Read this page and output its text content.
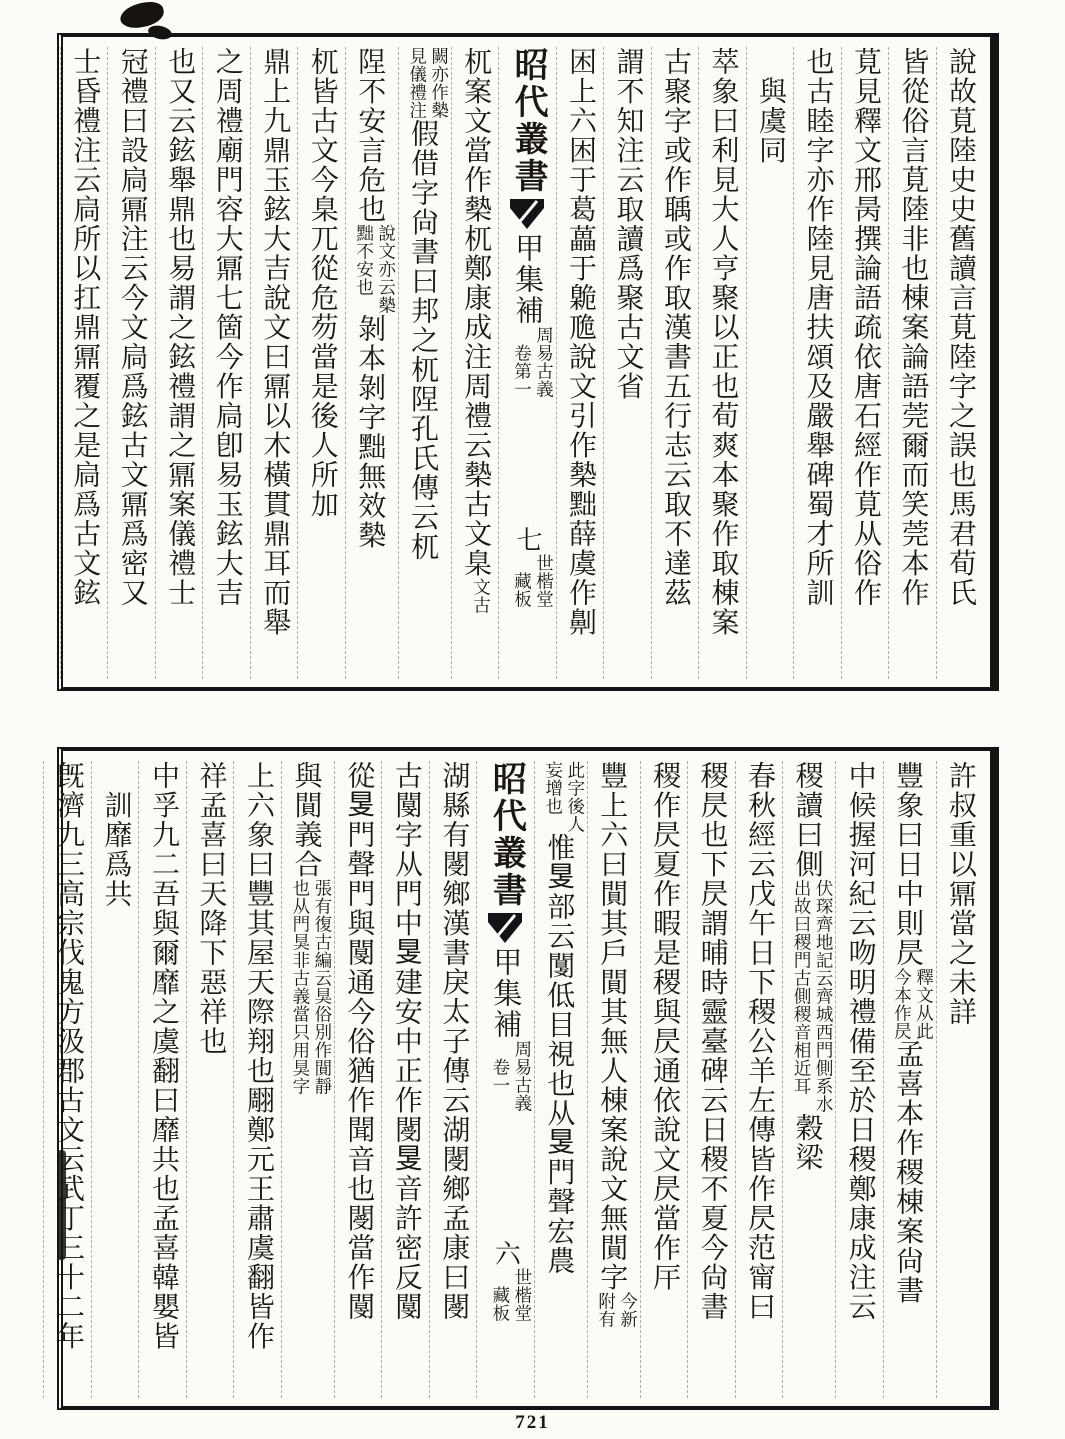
說故莧陸史史舊讀言莧陸字之誤也馬君荀氏
皆從俗言莧陸非也棟案論語莞爾而笑莞本作
莧見釋文邢昺撰論語疏依唐石經作莧从俗作
也古睦字亦作陸見唐扶頌及嚴舉碑蜀才所訓
　與虞同
萃象曰利見大人亨聚以正也荀爽本聚作取棟案
古聚字或作聥或作取漢書五行志云取不達茲
謂不知注云取讀爲聚古文省
困上六困于葛藟于臲卼說文引作槷黜薛虞作劓
昭代叢書甲集補
周易古義
　卷第一
七
世楷堂
　藏板
杌案文當作槷杌鄭康成注周禮云槷古文臬
文古
闕亦作槷
見儀禮注
假借字尙書曰邦之杌陧孔氏傳云杌
陧不安言危也
說文亦云槷
黜不安也
剝本剝字黜無效槷
杌皆古文今臬兀從危芴當是後人所加
鼎上九鼎玉鉉大吉說文曰鼏以木橫貫鼎耳而舉
之周禮廟門容大鼏七箇今作扃卽易玉鉉大吉
也又云鉉舉鼎也易謂之鉉禮謂之鼏案儀禮士
冠禮曰設扃鼏注云今文扃爲鉉古文鼏爲密又
士昏禮注云扃所以扛鼎鼏覆之是扃爲古文鉉
許叔重以鼏當之未詳
豐象曰日中則昃
釋文从此
今本作昃
孟喜本作稷棟案尙書
中候握河紀云吻明禮備至於日稷鄭康成注云
稷讀曰側
伏琛齊地記云齊城西門側系水
出故曰稷門古側稷音相近耳
穀梁
春秋經云戊午日下稷公羊左傳皆作昃范甯曰
稷昃也下昃謂晡時靈臺碑云日稷不夏今尙書
稷作昃夏作暇是稷與昃通依說文昃當作厈
豐上六曰閴其戶閴其無人棟案說文無閴字
今新
附有
此字後人
妄增也
惟𥄎部云闅低目視也从𥄎門聲宏農
昭代叢書甲集補
周易古義
　卷一
六
世楷堂
　藏板
湖縣有閿鄉漢書戾太子傳云湖閿鄉孟康曰閿
古閺字从門中𥄎建安中正作閿𥄎音許密反閺
從𥄎門聲門與閺通今俗猶作聞音也閿當作閺
與閴義合
張有復古編云狊俗別作閴靜
也从門狊非古義當只用狊字
上六象曰豐其屋天際翔也翢鄭元王肅虞翻皆作
祥孟喜曰天降下惡祥也
中孚九二吾與爾靡之虞翻曰靡共也孟喜韓嬰皆
　訓靡爲共
旣濟九三高宗伐鬼方汲郡古文云武丁三十二年
721
